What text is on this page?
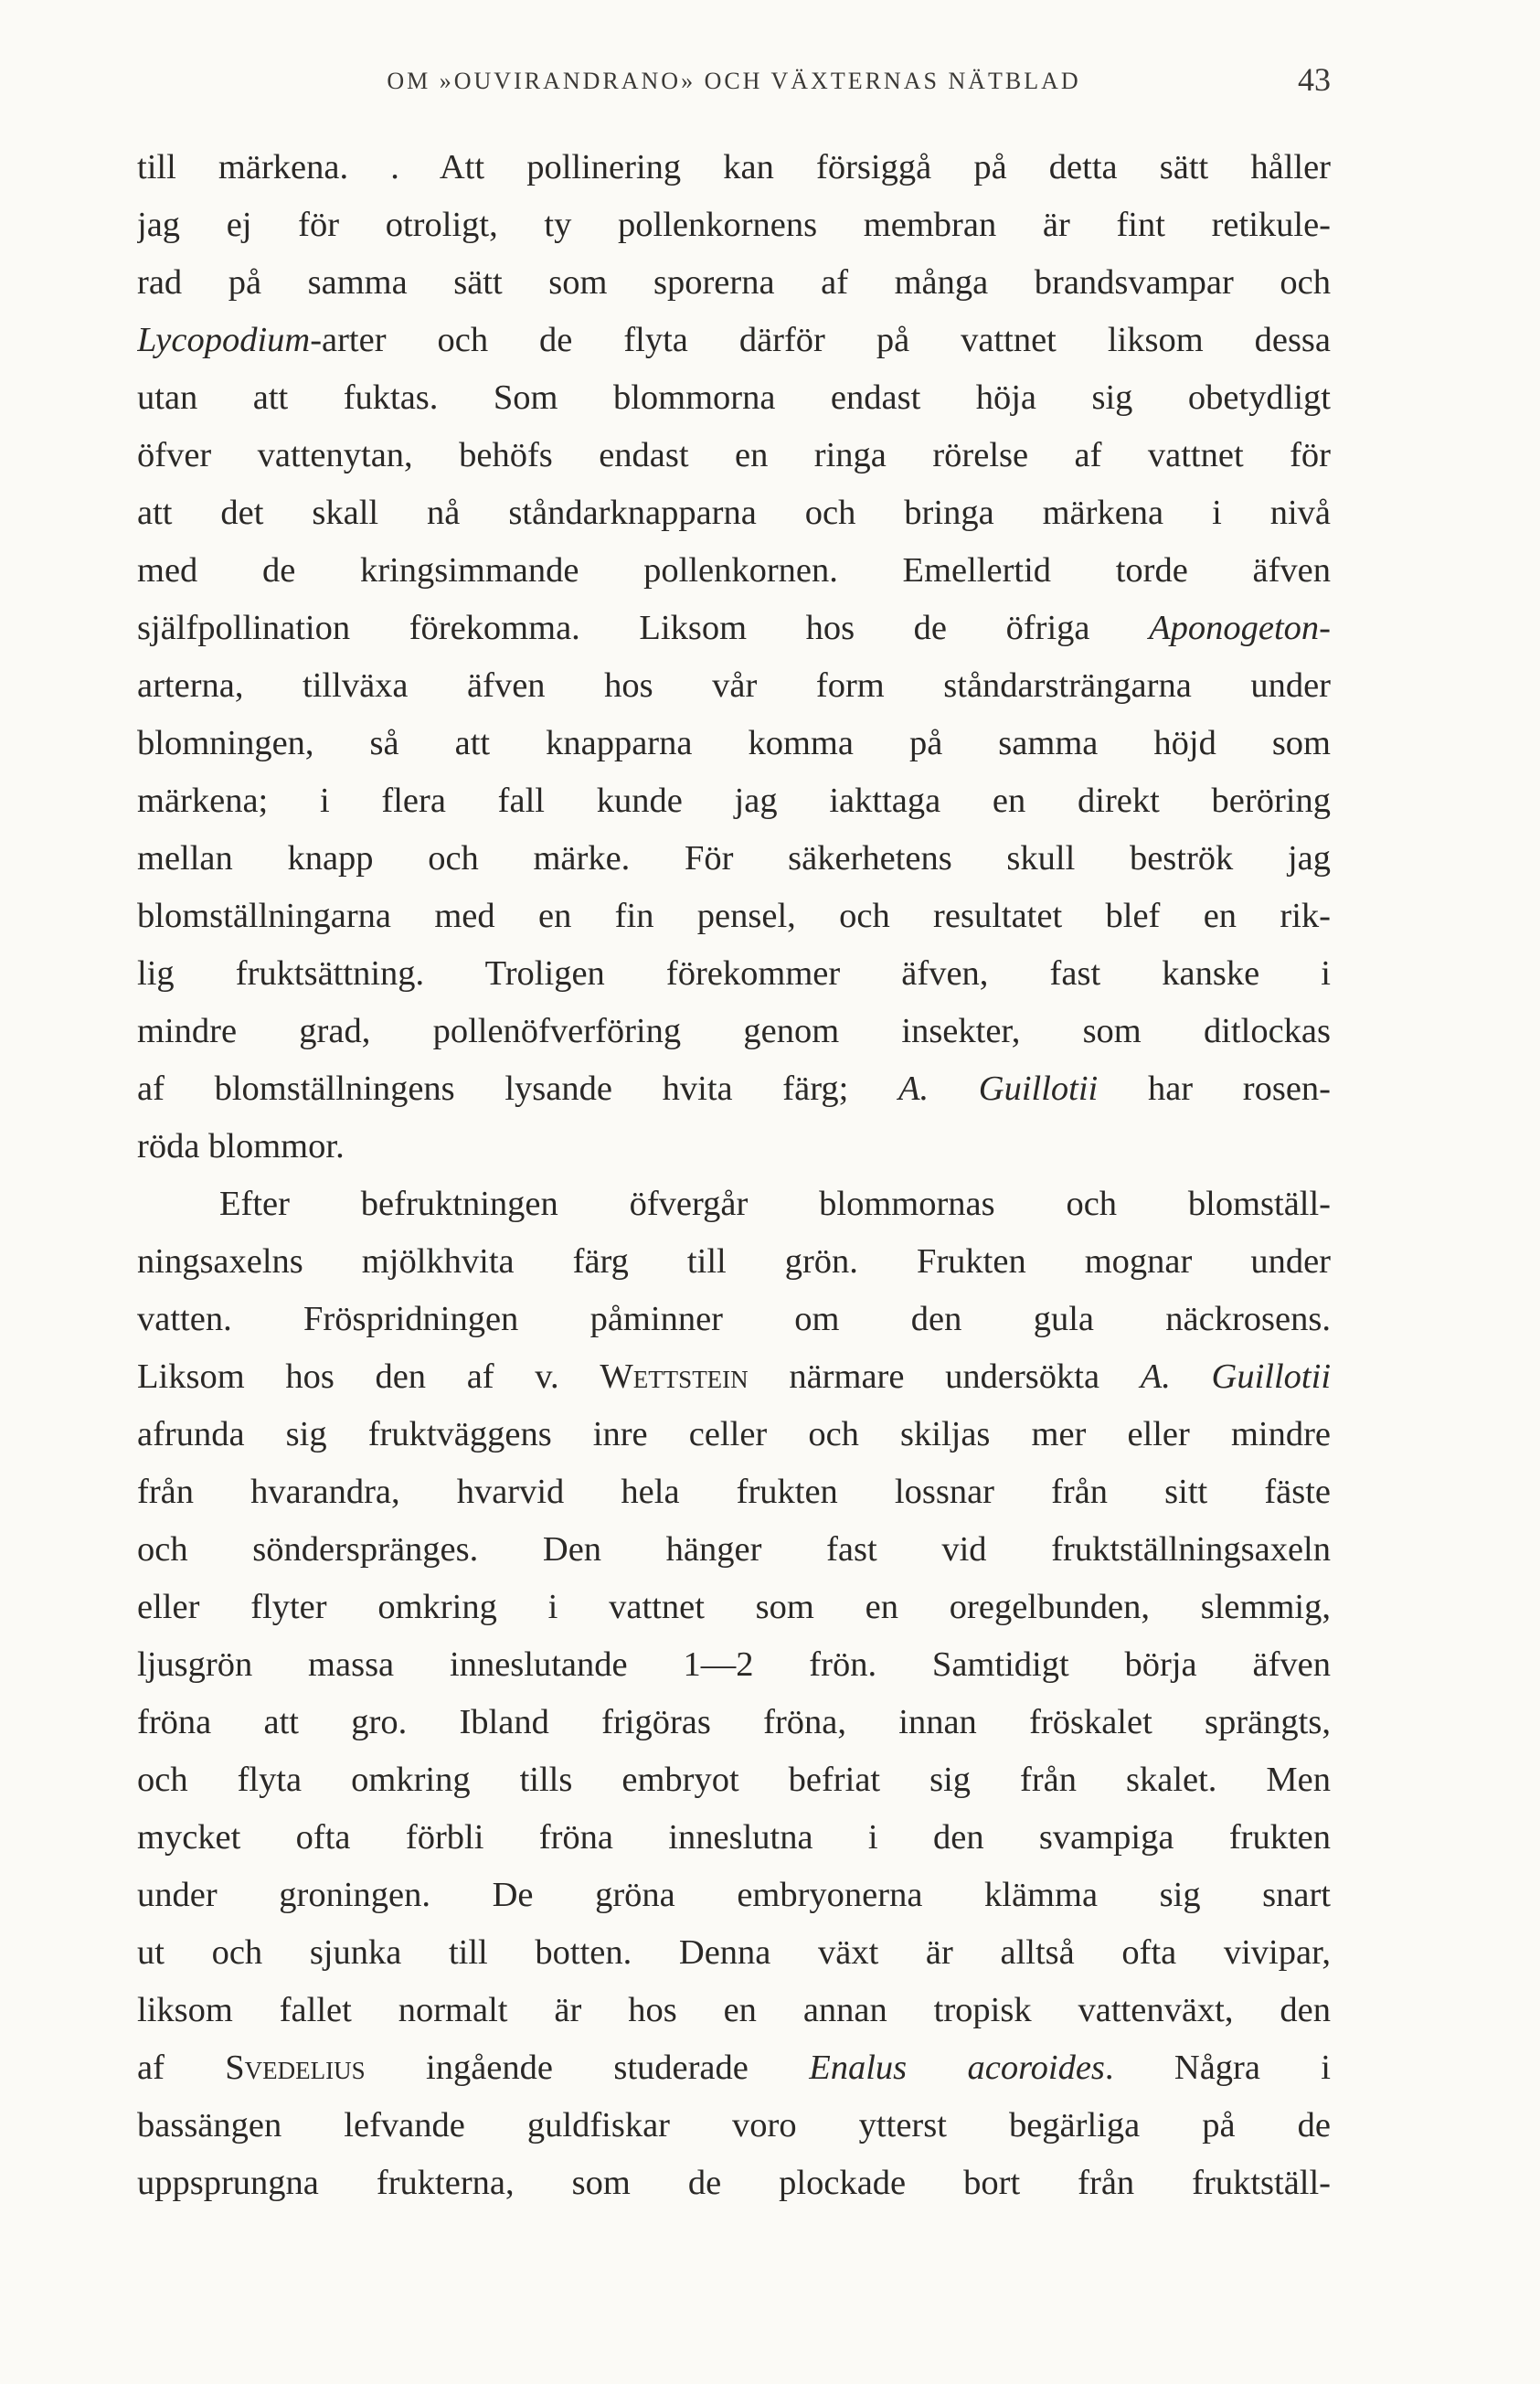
OM »OUVIRANDRANO» OCH VÄXTERNAS NÄTBLAD	43
till märkena. . Att pollinering kan försiggå på detta sätt håller
jag ej för otroligt, ty pollenkornens membran är fint retikule-
rad på samma sätt som sporerna af många brandsvampar och
Lycopodium-arter och de flyta därför på vattnet liksom dessa
utan att fuktas. Som blommorna endast höja sig obetydligt
öfver vattenytan, behöfs endast en ringa rörelse af vattnet för
att det skall nå ståndarknapparna och bringa märkena i nivå
med de kringsimmande pollenkornen. Emellertid torde äfven
själfpollination förekomma. Liksom hos de öfriga Aponogeton-
arterna, tillväxa äfven hos vår form ståndarsträngarna under
blomningen, så att knapparna komma på samma höjd som
märkena; i flera fall kunde jag iakttaga en direkt beröring
mellan knapp och märke. För säkerhetens skull beströk jag
blomställningarna med en fin pensel, och resultatet blef en rik-
lig fruktsättning. Troligen förekommer äfven, fast kanske i
mindre grad, pollenöfverföring genom insekter, som ditlockas
af blomställningens lysande hvita färg; A. Guillotii har rosen-
röda blommor.
Efter befruktningen öfvergår blommornas och blomställ-
ningsaxelns mjölkhvita färg till grön. Frukten mognar under
vatten. Fröspridningen påminner om den gula näckrosens.
Liksom hos den af v. Wettstein närmare undersökta A. Guillotii
afrunda sig fruktväggens inre celler och skiljas mer eller mindre
från hvarandra, hvarvid hela frukten lossnar från sitt fäste
och sönderspränges. Den hänger fast vid fruktställningsaxeln
eller flyter omkring i vattnet som en oregelbunden, slemmig,
ljusgrön massa inneslutande 1—2 frön. Samtidigt börja äfven
fröna att gro. Ibland frigöras fröna, innan fröskalet sprängts,
och flyta omkring tills embryot befriat sig från skalet. Men
mycket ofta förbli fröna inneslutna i den svampiga frukten
under groningen. De gröna embryonerna klämma sig snart
ut och sjunka till botten. Denna växt är alltså ofta vivipar,
liksom fallet normalt är hos en annan tropisk vattenväxt, den
af Svedelius ingående studerade Enalus acoroides. Några i
bassängen lefvande guldfiskar voro ytterst begärliga på de
uppsprungna frukterna, som de plockade bort från fruktställ-
